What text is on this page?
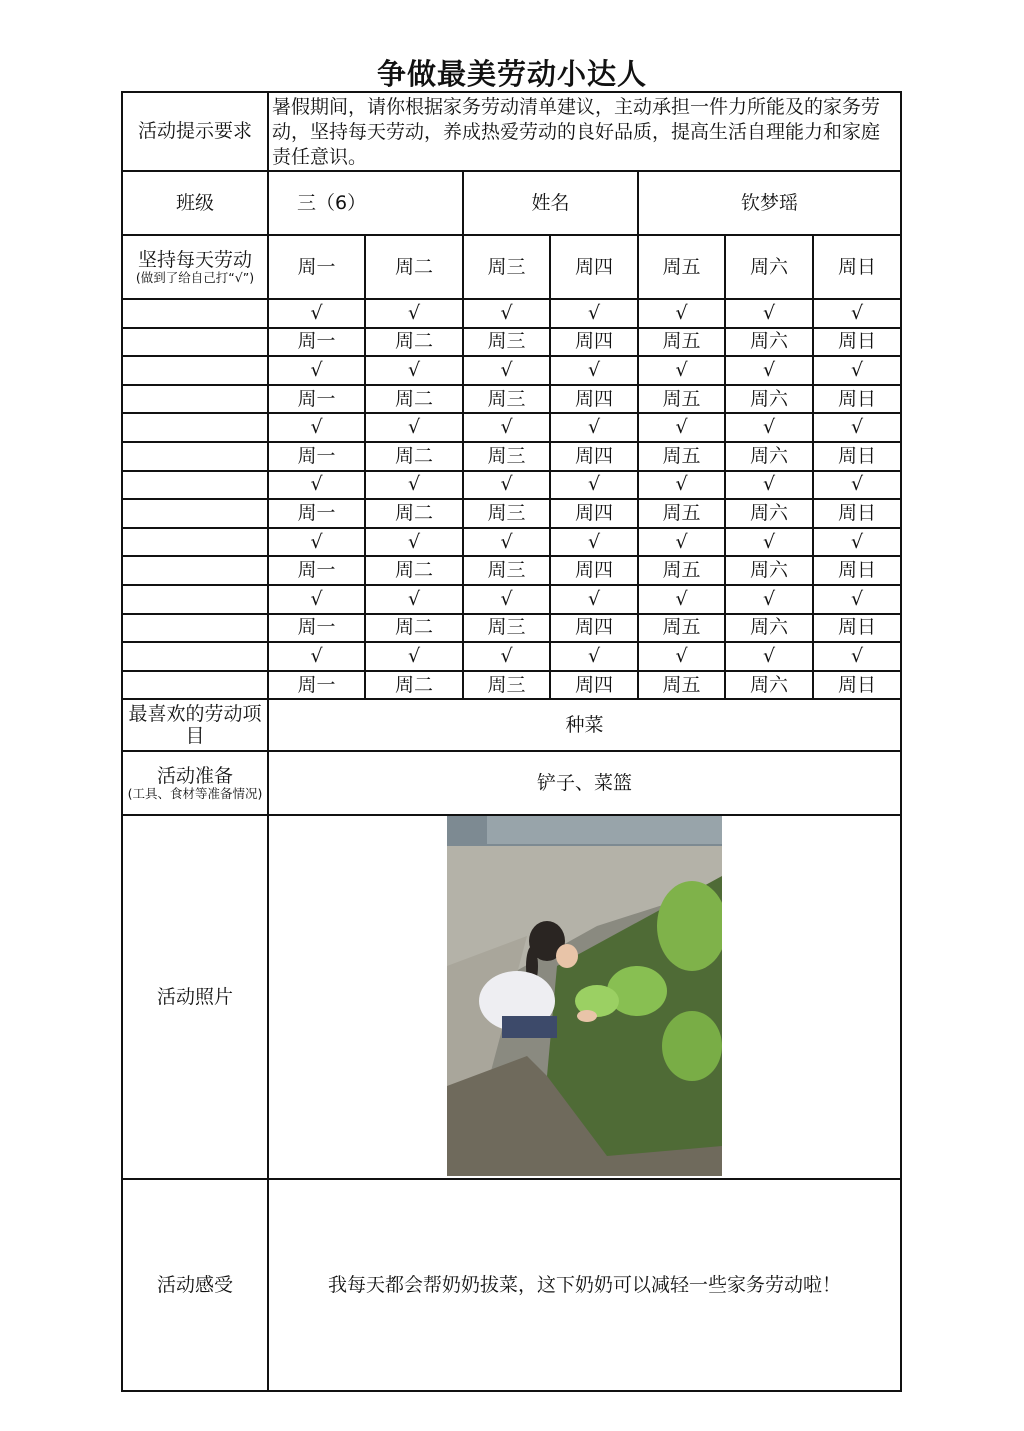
争做最美劳动小达人
活动提示要求	暑假期间，请你根据家务劳动清单建议，主动承担一件力所能及的家务劳动，坚持每天劳动，养成热爱劳动的良好品质，提高生活自理能力和家庭责任意识。						
班级	三（6）		姓名		钦梦瑶		

坚持每天劳动
(做到了给自己打“√”)	周一	周二	周三	周四	周五	周六	周日
	√	√	√	√	√	√	√
	周一	周二	周三	周四	周五	周六	周日
	√	√	√	√	√	√	√
	周一	周二	周三	周四	周五	周六	周日
	√	√	√	√	√	√	√
	周一	周二	周三	周四	周五	周六	周日
	√	√	√	√	√	√	√
	周一	周二	周三	周四	周五	周六	周日
	√	√	√	√	√	√	√
	周一	周二	周三	周四	周五	周六	周日
	√	√	√	√	√	√	√
	周一	周二	周三	周四	周五	周六	周日
	√	√	√	√	√	√	√
	周一	周二	周三	周四	周五	周六	周日

最喜欢的劳动项目	种菜						

活动准备
(工具、食材等准备情况)	铲子、菜篮						
活动照片	

活动感受	我每天都会帮奶奶拔菜，这下奶奶可以减轻一些家务劳动啦！						
